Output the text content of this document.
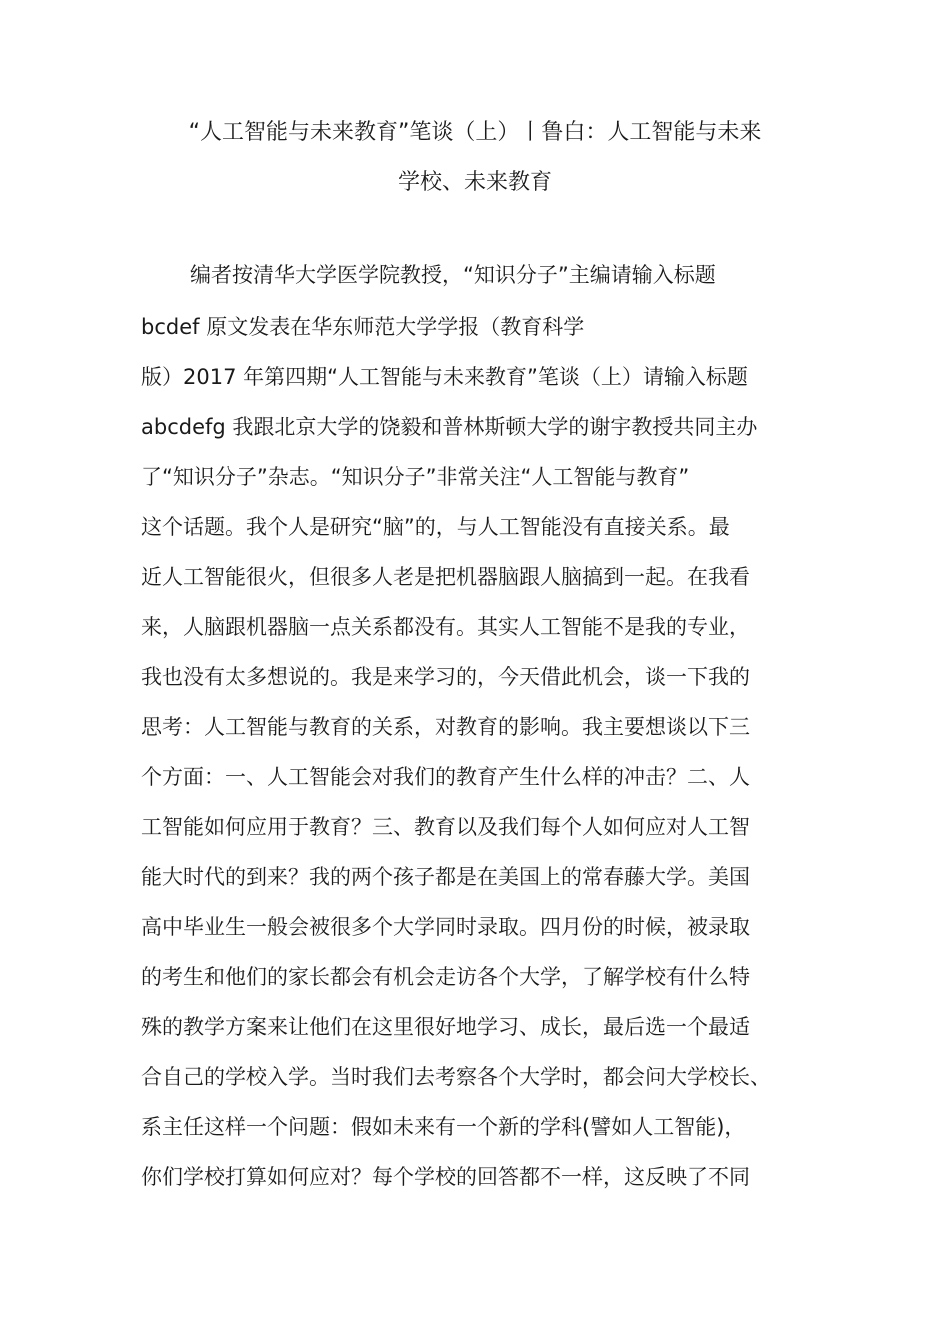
“人工智能与未来教育”笔谈（上）丨鲁白：人工智能与未来
学校、未来教育
编者按清华大学医学院教授，“知识分子”主编请输入标题
bcdef 原文发表在华东师范大学学报（教育科学
版）2017 年第四期“人工智能与未来教育”笔谈（上）请输入标题
abcdefg 我跟北京大学的饶毅和普林斯顿大学的谢宇教授共同主办
了“知识分子”杂志。“知识分子”非常关注“人工智能与教育”
这个话题。我个人是研究“脑”的，与人工智能没有直接关系。最
近人工智能很火，但很多人老是把机器脑跟人脑搞到一起。在我看
来，人脑跟机器脑一点关系都没有。其实人工智能不是我的专业，
我也没有太多想说的。我是来学习的，今天借此机会，谈一下我的
思考：人工智能与教育的关系，对教育的影响。我主要想谈以下三
个方面：一、人工智能会对我们的教育产生什么样的冲击？二、人
工智能如何应用于教育？三、教育以及我们每个人如何应对人工智
能大时代的到来？我的两个孩子都是在美国上的常春藤大学。美国
高中毕业生一般会被很多个大学同时录取。四月份的时候，被录取
的考生和他们的家长都会有机会走访各个大学，了解学校有什么特
殊的教学方案来让他们在这里很好地学习、成长，最后选一个最适
合自己的学校入学。当时我们去考察各个大学时，都会问大学校长、
系主任这样一个问题：假如未来有一个新的学科(譬如人工智能)，
你们学校打算如何应对？每个学校的回答都不一样，这反映了不同
